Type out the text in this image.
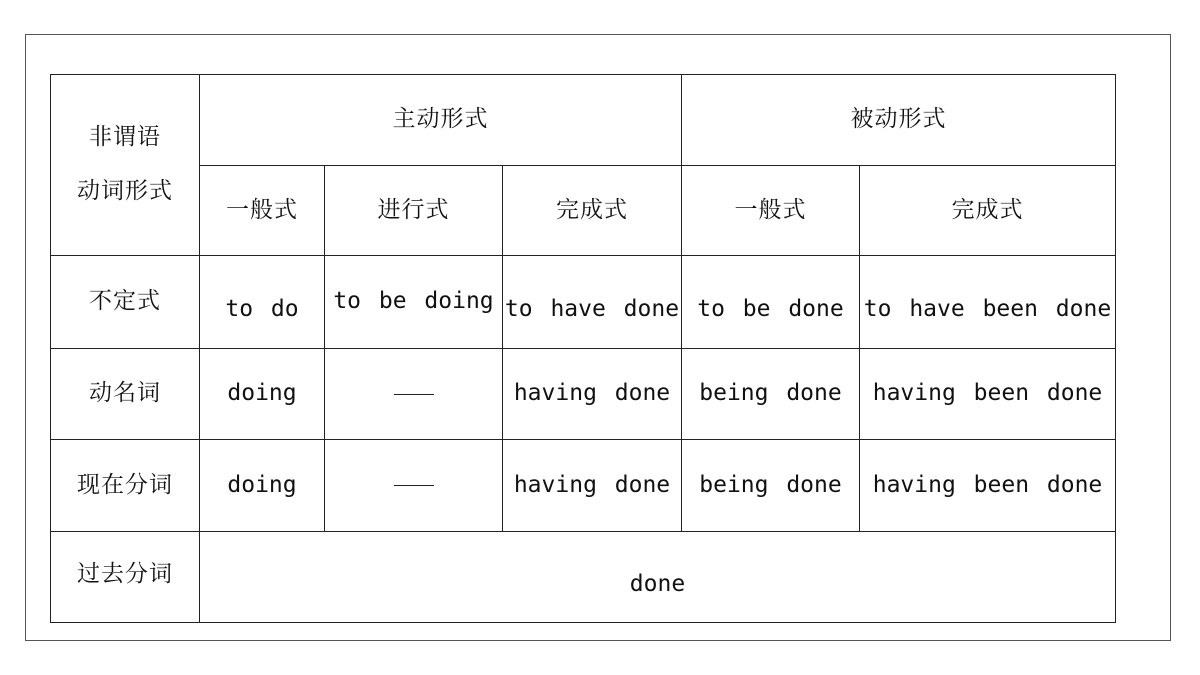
非谓语
动词形式	主动形式			被动形式	
	一般式	进行式	完成式	一般式	完成式
不定式	to do	to be doing	to have done	to be done	to have been done
动名词	doing		having done	being done	having been done
现在分词	doing		having done	being done	having been done
过去分词	done				
